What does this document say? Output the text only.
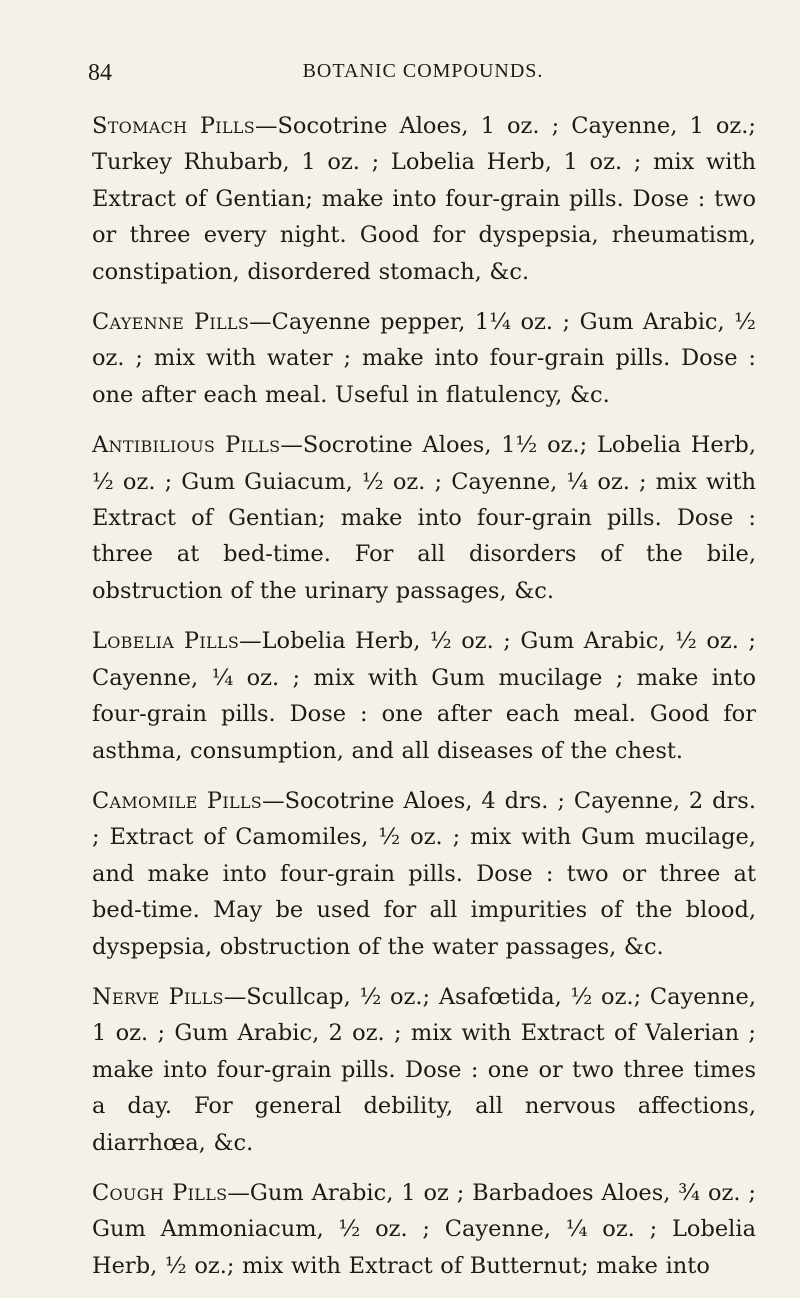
84	BOTANIC COMPOUNDS.

Stomach Pills—Socotrine Aloes, 1 oz. ; Cayenne, 1 oz.; Turkey Rhubarb, 1 oz. ; Lobelia Herb, 1 oz. ; mix with Extract of Gentian; make into four-grain pills. Dose : two or three every night. Good for dyspepsia, rheumatism, constipation, disordered stomach, &c.

Cayenne Pills—Cayenne pepper, 1¼ oz. ; Gum Arabic, ½ oz. ; mix with water ; make into four-grain pills. Dose : one after each meal. Useful in flatulency, &c.

Antibilious Pills—Socrotine Aloes, 1½ oz.; Lobelia Herb, ½ oz. ; Gum Guiacum, ½ oz. ; Cayenne, ¼ oz. ; mix with Extract of Gentian; make into four-grain pills. Dose : three at bed-time. For all disorders of the bile, obstruction of the urinary passages, &c.

Lobelia Pills—Lobelia Herb, ½ oz. ; Gum Arabic, ½ oz. ; Cayenne, ¼ oz. ; mix with Gum mucilage ; make into four-grain pills. Dose : one after each meal. Good for asthma, consumption, and all diseases of the chest.

Camomile Pills—Socotrine Aloes, 4 drs. ; Cayenne, 2 drs. ; Extract of Camomiles, ½ oz. ; mix with Gum mucilage, and make into four-grain pills. Dose : two or three at bed-time. May be used for all impurities of the blood, dyspepsia, obstruction of the water passages, &c.

Nerve Pills—Scullcap, ½ oz.; Asafœtida, ½ oz.; Cayenne, 1 oz. ; Gum Arabic, 2 oz. ; mix with Extract of Valerian ; make into four-grain pills. Dose : one or two three times a day. For general debility, all nervous affections, diarrhœa, &c.

Cough Pills—Gum Arabic, 1 oz ; Barbadoes Aloes, ¾ oz. ; Gum Ammoniacum, ½ oz. ; Cayenne, ¼ oz. ; Lobelia Herb, ½ oz.; mix with Extract of Butternut; make into
